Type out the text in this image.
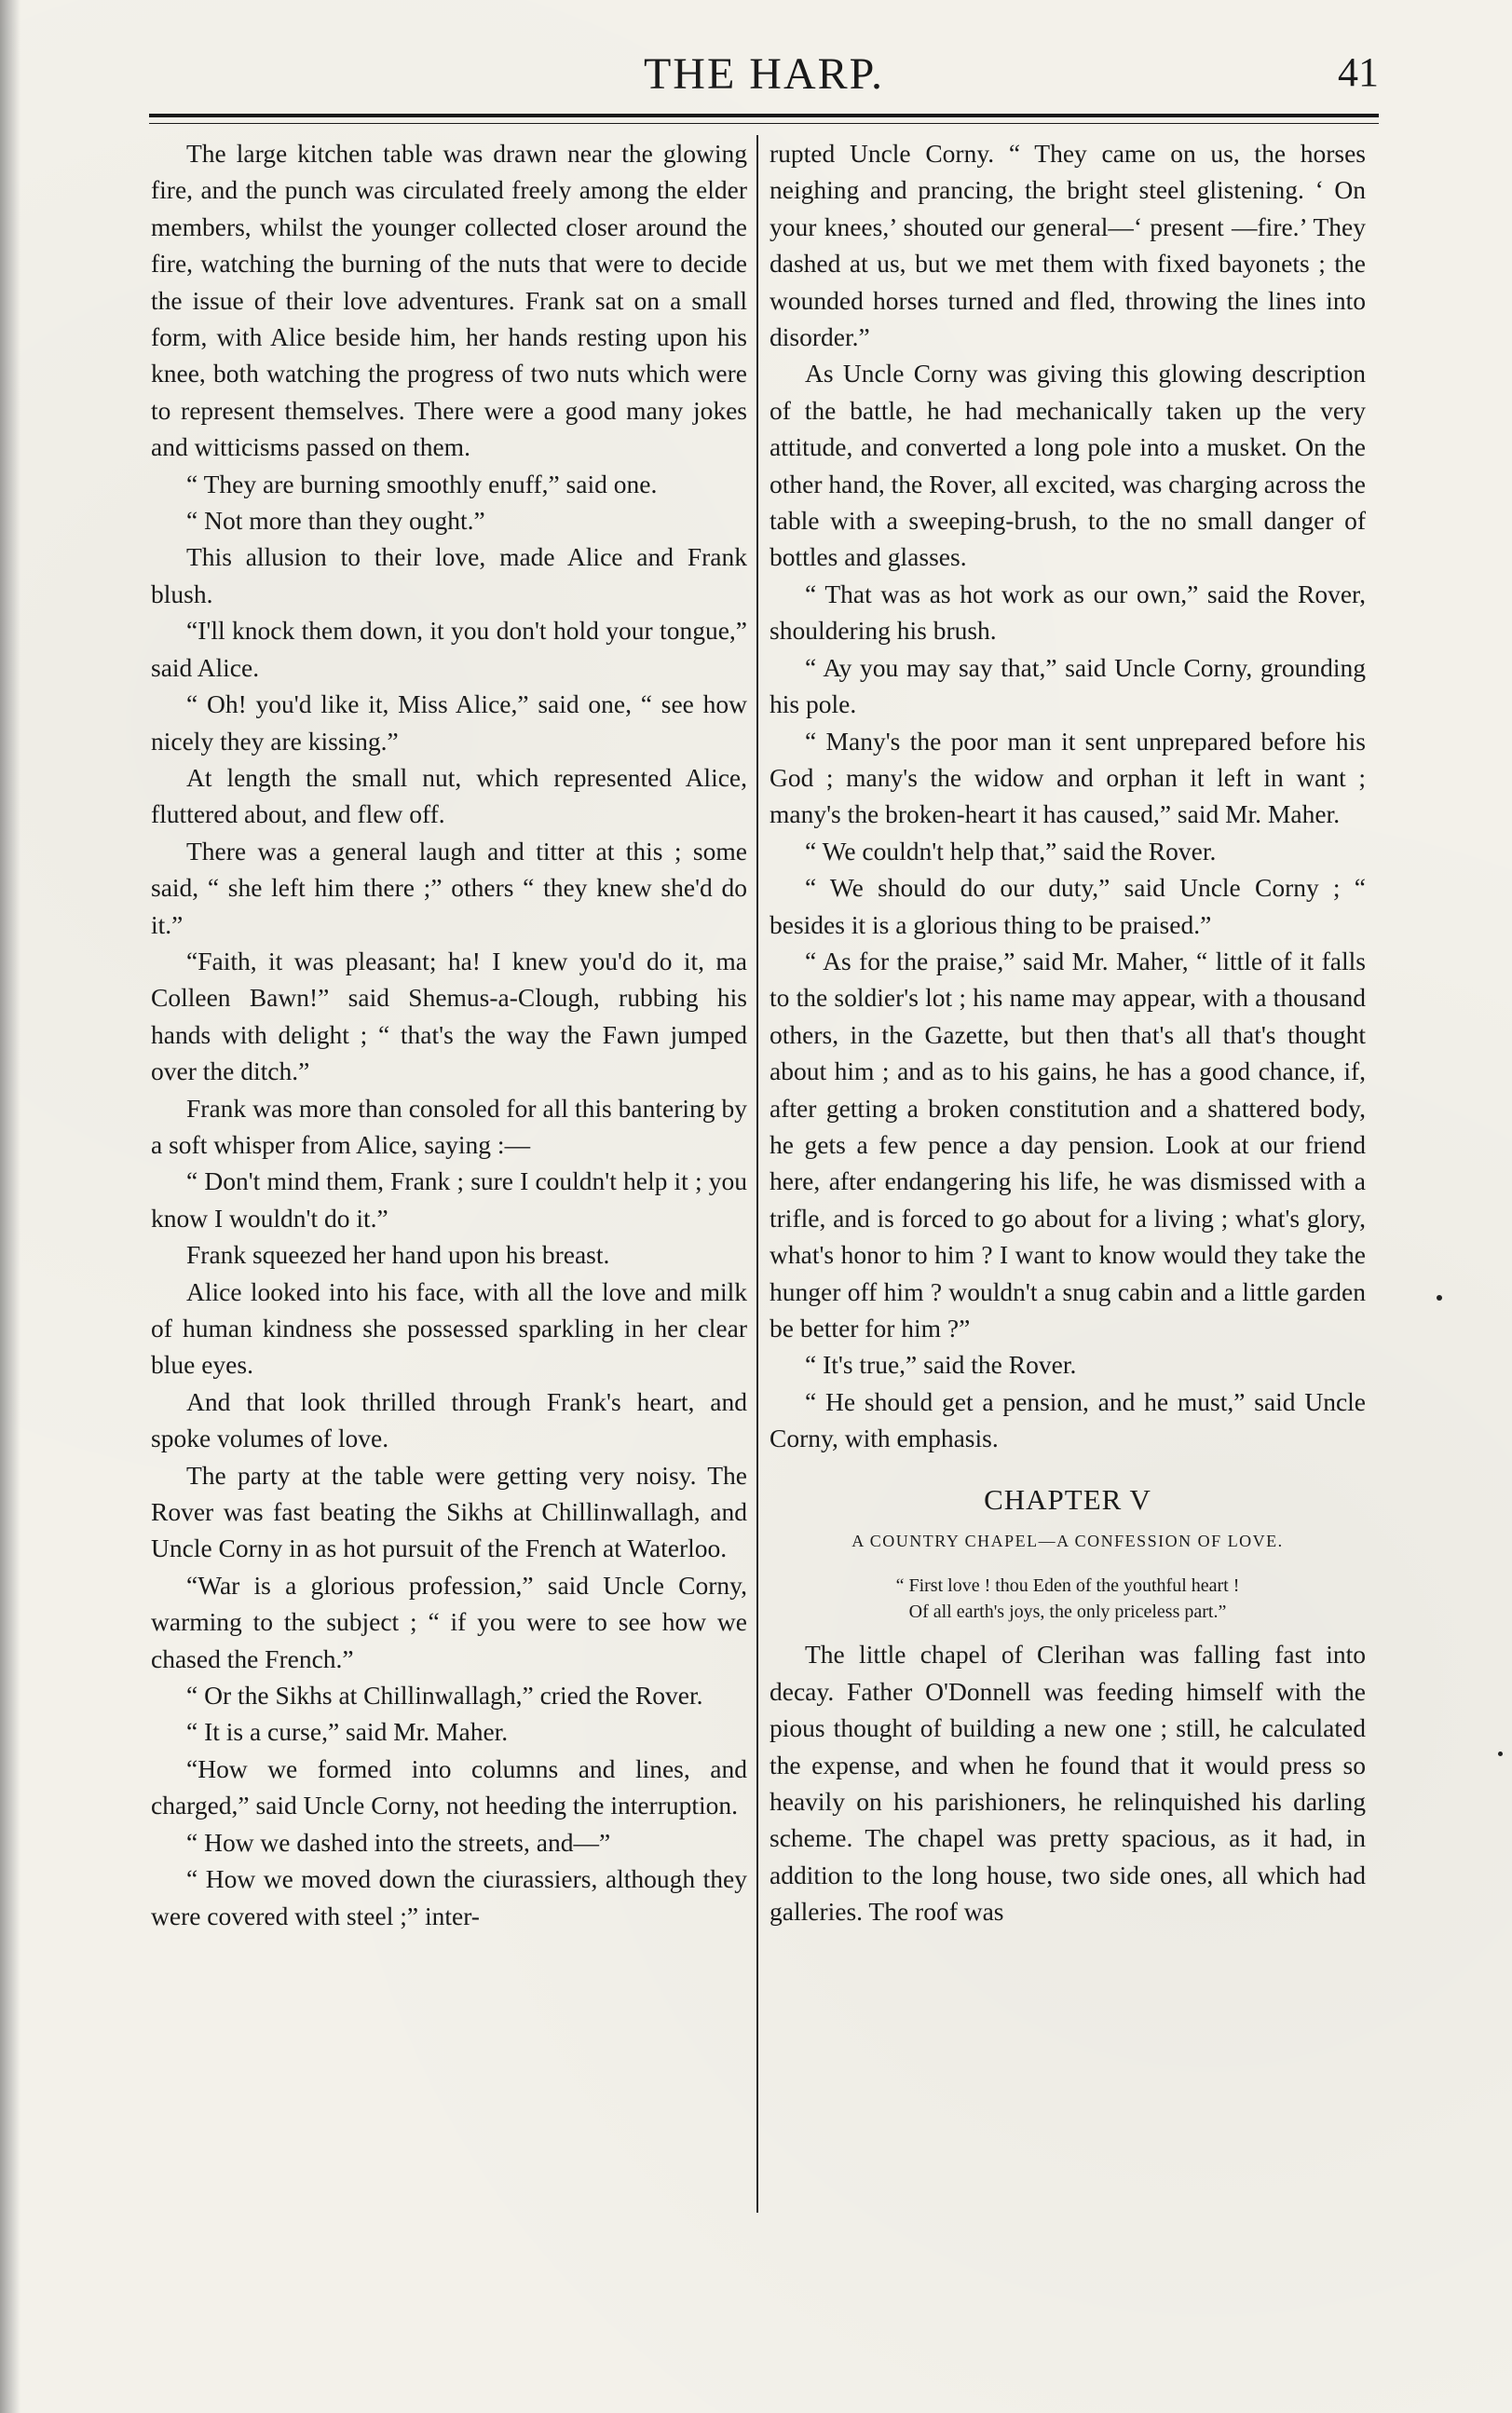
THE HARP.	41

The large kitchen table was drawn near the glowing fire, and the punch was circulated freely among the elder members, whilst the younger collected closer around the fire, watching the burning of the nuts that were to decide the issue of their love adventures. Frank sat on a small form, with Alice beside him, her hands resting upon his knee, both watching the progress of two nuts which were to represent themselves. There were a good many jokes and witticisms passed on them.

“ They are burning smoothly enuff,” said one.

“ Not more than they ought.”

This allusion to their love, made Alice and Frank blush.

“I'll knock them down, it you don't hold your tongue,” said Alice.

“ Oh! you'd like it, Miss Alice,” said one, “ see how nicely they are kissing.”

At length the small nut, which represented Alice, fluttered about, and flew off.

There was a general laugh and titter at this ; some said, “ she left him there ;” others “ they knew she'd do it.”

“Faith, it was pleasant; ha! I knew you'd do it, ma Colleen Bawn!” said Shemus-a-Clough, rubbing his hands with delight ; “ that's the way the Fawn jumped over the ditch.”

Frank was more than consoled for all this bantering by a soft whisper from Alice, saying :—

“ Don't mind them, Frank ; sure I couldn't help it ; you know I wouldn't do it.”

Frank squeezed her hand upon his breast.

Alice looked into his face, with all the love and milk of human kindness she possessed sparkling in her clear blue eyes.

And that look thrilled through Frank's heart, and spoke volumes of love.

The party at the table were getting very noisy. The Rover was fast beating the Sikhs at Chillinwallagh, and Uncle Corny in as hot pursuit of the French at Waterloo.

“War is a glorious profession,” said Uncle Corny, warming to the subject ; “ if you were to see how we chased the French.”

“ Or the Sikhs at Chillinwallagh,” cried the Rover.

“ It is a curse,” said Mr. Maher.

“How we formed into columns and lines, and charged,” said Uncle Corny, not heeding the interruption.

“ How we dashed into the streets, and—”

“ How we moved down the ciurassiers, although they were covered with steel ;” inter-

rupted Uncle Corny. “ They came on us, the horses neighing and prancing, the bright steel glistening. ‘ On your knees,’ shouted our general—‘ present —fire.’ They dashed at us, but we met them with fixed bayonets ; the wounded horses turned and fled, throwing the lines into disorder.”

As Uncle Corny was giving this glowing description of the battle, he had mechanically taken up the very attitude, and converted a long pole into a musket. On the other hand, the Rover, all excited, was charging across the table with a sweeping-brush, to the no small danger of bottles and glasses.

“ That was as hot work as our own,” said the Rover, shouldering his brush.

“ Ay you may say that,” said Uncle Corny, grounding his pole.

“ Many's the poor man it sent unprepared before his God ; many's the widow and orphan it left in want ; many's the broken-heart it has caused,” said Mr. Maher.

“ We couldn't help that,” said the Rover.

“ We should do our duty,” said Uncle Corny ; “ besides it is a glorious thing to be praised.”

“ As for the praise,” said Mr. Maher, “ little of it falls to the soldier's lot ; his name may appear, with a thousand others, in the Gazette, but then that's all that's thought about him ; and as to his gains, he has a good chance, if, after getting a broken constitution and a shattered body, he gets a few pence a day pension. Look at our friend here, after endangering his life, he was dismissed with a trifle, and is forced to go about for a living ; what's glory, what's honor to him ? I want to know would they take the hunger off him ? wouldn't a snug cabin and a little garden be better for him ?”

“ It's true,” said the Rover.

“ He should get a pension, and he must,” said Uncle Corny, with emphasis.

CHAPTER V
A COUNTRY CHAPEL—A CONFESSION OF LOVE.
“ First love ! thou Eden of the youthful heart !
Of all earth's joys, the only priceless part.”

The little chapel of Clerihan was falling fast into decay. Father O'Donnell was feeding himself with the pious thought of building a new one ; still, he calculated the expense, and when he found that it would press so heavily on his parishioners, he relinquished his darling scheme. The chapel was pretty spacious, as it had, in addition to the long house, two side ones, all which had galleries. The roof was
